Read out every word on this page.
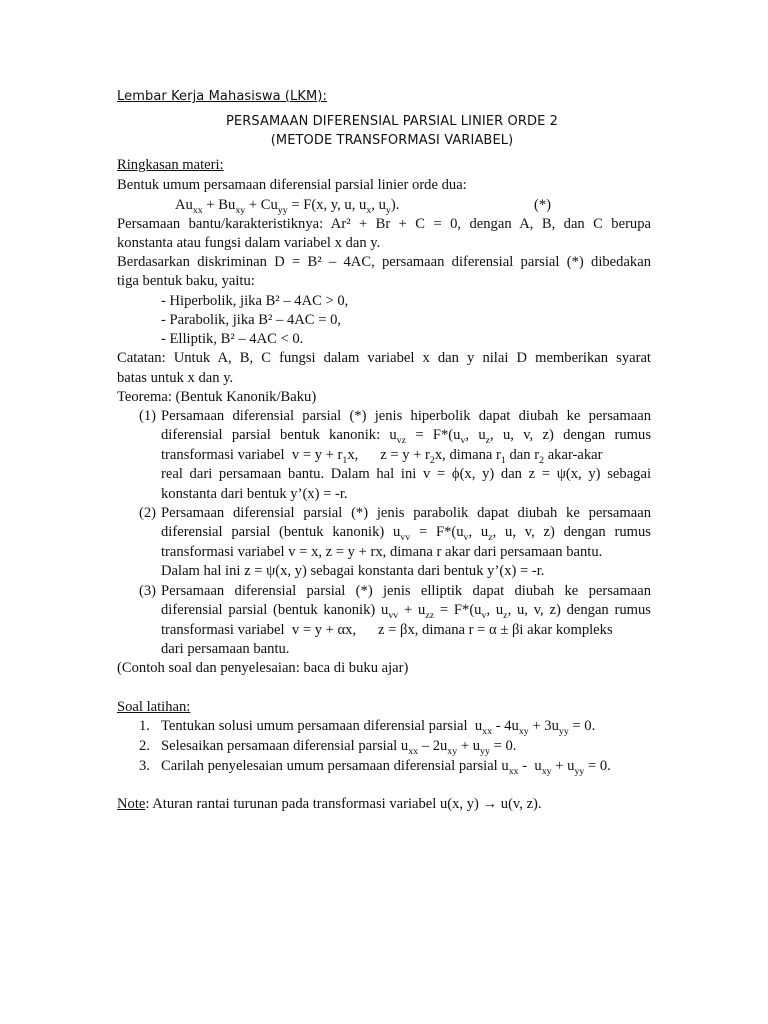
Lembar Kerja Mahasiswa (LKM):
PERSAMAAN DIFERENSIAL PARSIAL LINIER ORDE 2
(METODE TRANSFORMASI VARIABEL)
Ringkasan materi:
Bentuk umum persamaan diferensial parsial linier orde dua:
$Au_{xx} + Bu_{xy} + Cu_{yy} = F(x$, y, u, $u_x$, $u_y$).	(*)
Persamaan bantu/karakteristiknya: Ar² + Br + C = 0, dengan A, B, dan C berupa
konstanta atau fungsi dalam variabel x dan y.
Berdasarkan diskriminan D = B² – 4AC, persamaan diferensial parsial (*) dibedakan
tiga bentuk baku, yaitu:
- Hiperbolik, jika B² – 4AC > 0,
- Parabolik, jika B² – 4AC = 0,
- Elliptik, B² – 4AC < 0.
Catatan: Untuk A, B, C fungsi dalam variabel x dan y nilai D memberikan syarat
batas untuk x dan y.
Teorema: (Bentuk Kanonik/Baku)
(1) Persamaan diferensial parsial (*) jenis hiperbolik dapat diubah ke persamaan
diferensial parsial bentuk kanonik: $u_{vz} = F*(u_v$, $u_z$, u, v, z) dengan rumus
transformasi variabel  $v = y + r_1x$,      $z = y + r_2x$, dimana $r_1$ dan $r_2$ akar-akar
real dari persamaan bantu. Dalam hal ini v = ϕ(x, y) dan z = ψ(x, y) sebagai
konstanta dari bentuk y’(x) = -r.
(2) Persamaan diferensial parsial (*) jenis parabolik dapat diubah ke persamaan
diferensial parsial (bentuk kanonik) $u_{vv} = F*(u_v$, $u_z$, u, v, z) dengan rumus
transformasi variabel v = x, z = y + rx, dimana r akar dari persamaan bantu.
Dalam hal ini z = ψ(x, y) sebagai konstanta dari bentuk y’(x) = -r.
(3) Persamaan diferensial parsial (*) jenis elliptik dapat diubah ke persamaan
diferensial parsial (bentuk kanonik) $u_{vv} + u_{zz} = F*(u_v$, $u_z$, u, v, z) dengan rumus
transformasi variabel  v = y + αx,      z = βx, dimana r = α ± βi akar kompleks
dari persamaan bantu.
(Contoh soal dan penyelesaian: baca di buku ajar)
Soal latihan:
1. Tentukan solusi umum persamaan diferensial parsial  $u_{xx} - 4u_{xy} + 3u_{yy} = 0$.
2. Selesaikan persamaan diferensial parsial $u_{xx} - 2u_{xy} + u_{yy} = 0$.
3. Carilah penyelesaian umum persamaan diferensial parsial $u_{xx} - u_{xy} + u_{yy} = 0$.
Note: Aturan rantai turunan pada transformasi variabel u(x, y) → u(v, z).
